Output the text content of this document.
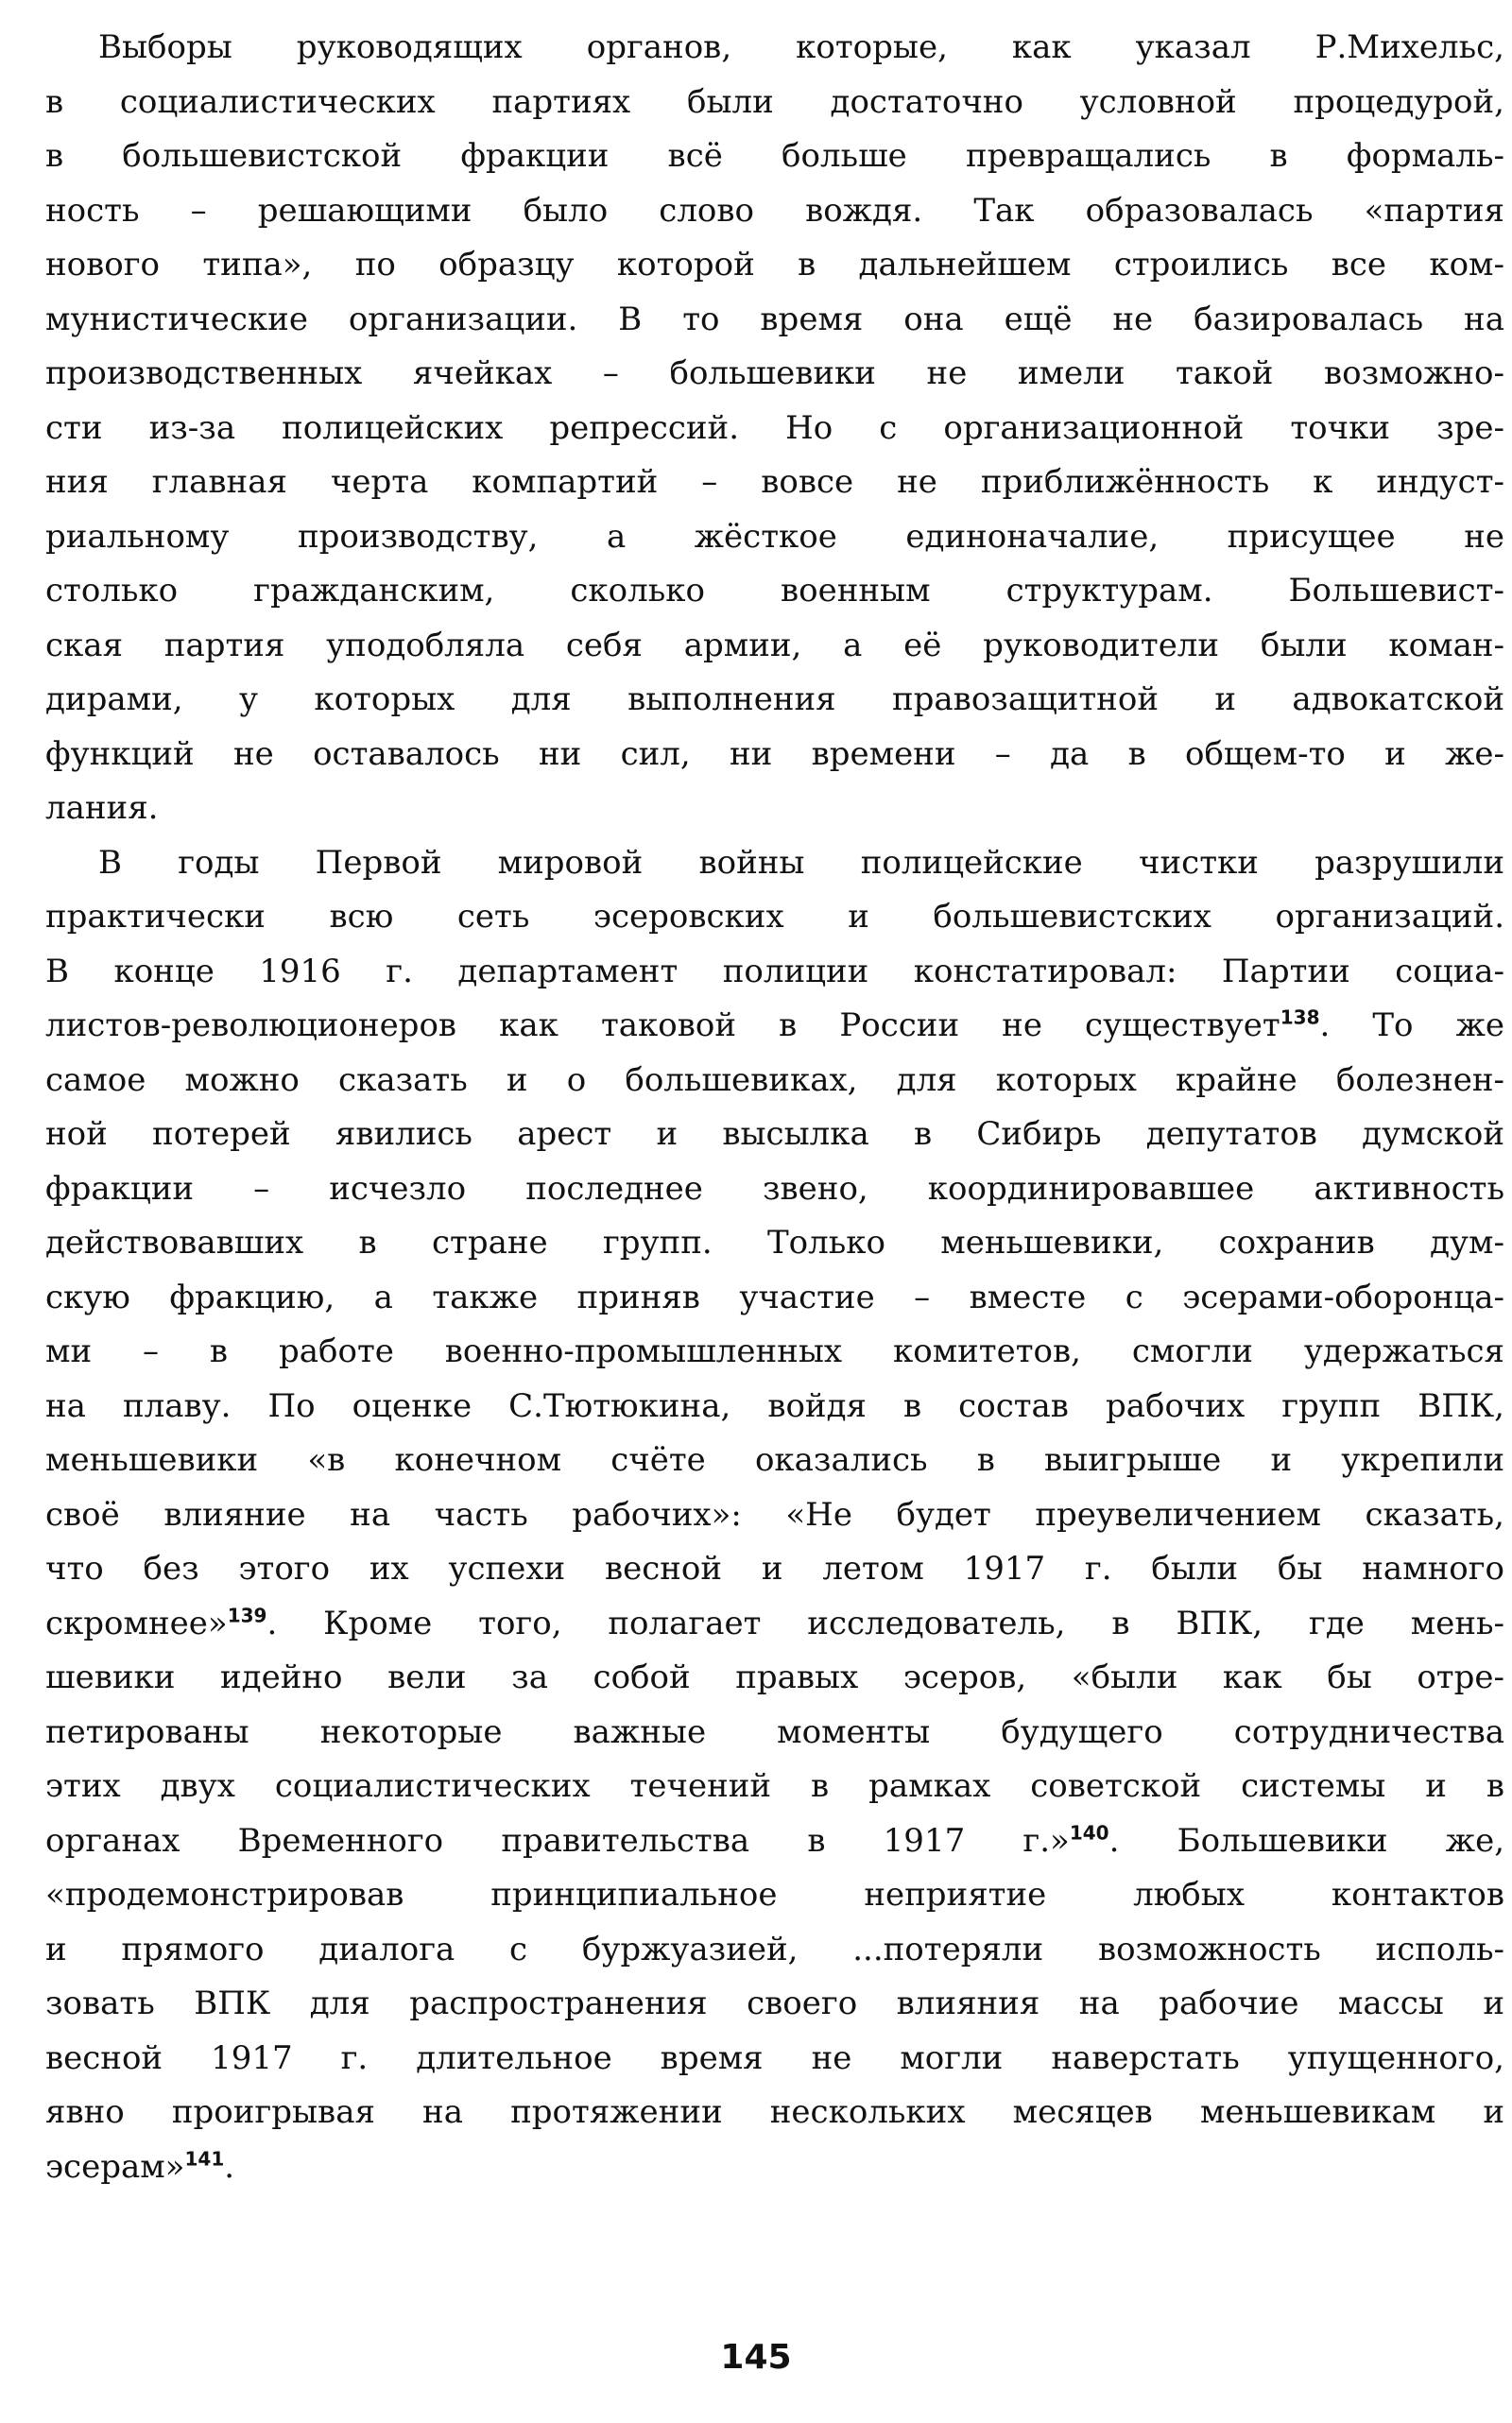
Выборы руководящих органов, которые, как указал Р.Михельс,
в социалистических партиях были достаточно условной процедурой,
в большевистской фракции всё больше превращались в формаль-
ность – решающими было слово вождя. Так образовалась «партия
нового типа», по образцу которой в дальнейшем строились все ком-
мунистические организации. В то время она ещё не базировалась на
производственных ячейках – большевики не имели такой возможно-
сти из-за полицейских репрессий. Но с организационной точки зре-
ния главная черта компартий – вовсе не приближённость к индуст-
риальному производству, а жёсткое единоначалие, присущее не
столько гражданским, сколько военным структурам. Большевист-
ская партия уподобляла себя армии, а её руководители были коман-
дирами, у которых для выполнения правозащитной и адвокатской
функций не оставалось ни сил, ни времени – да в общем-то и же-
лания.
В годы Первой мировой войны полицейские чистки разрушили
практически всю сеть эсеровских и большевистских организаций.
В конце 1916 г. департамент полиции констатировал: Партии социа-
листов-революционеров как таковой в России не существует$^{138}$. То же
самое можно сказать и о большевиках, для которых крайне болезнен-
ной потерей явились арест и высылка в Сибирь депутатов думской
фракции – исчезло последнее звено, координировавшее активность
действовавших в стране групп. Только меньшевики, сохранив дум-
скую фракцию, а также приняв участие – вместе с эсерами-оборонца-
ми – в работе военно-промышленных комитетов, смогли удержаться
на плаву. По оценке С.Тютюкина, войдя в состав рабочих групп ВПК,
меньшевики «в конечном счёте оказались в выигрыше и укрепили
своё влияние на часть рабочих»: «Не будет преувеличением сказать,
что без этого их успехи весной и летом 1917 г. были бы намного
скромнее»$^{139}$. Кроме того, полагает исследователь, в ВПК, где мень-
шевики идейно вели за собой правых эсеров, «были как бы отре-
петированы некоторые важные моменты будущего сотрудничества
этих двух социалистических течений в рамках советской системы и в
органах Временного правительства в 1917 г.»$^{140}$. Большевики же,
«продемонстрировав принципиальное неприятие любых контактов
и прямого диалога с буржуазией, ...потеряли возможность исполь-
зовать ВПК для распространения своего влияния на рабочие массы и
весной 1917 г. длительное время не могли наверстать упущенного,
явно проигрывая на протяжении нескольких месяцев меньшевикам и
эсерам»$^{141}$.
145
